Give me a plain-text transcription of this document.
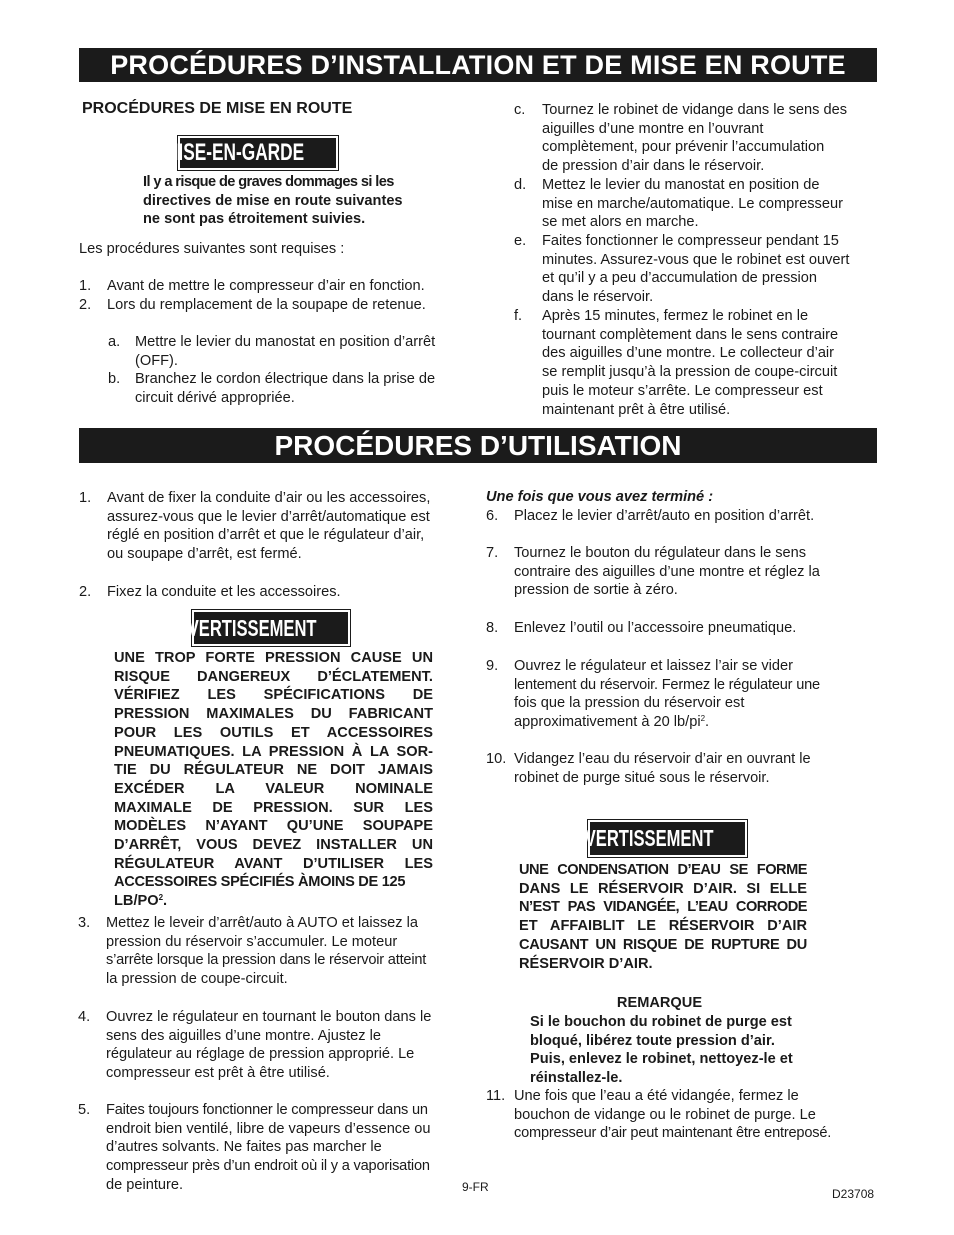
PROCÉDURES D’INSTALLATION ET DE MISE EN ROUTE
PROCÉDURES DE MISE EN ROUTE
MISE-EN-GARDE
Il y a risque de graves dommages si les
directives de mise en route suivantes
ne sont pas étroitement suivies.
Les procédures suivantes sont requises :
1. Avant de mettre le compresseur d’air en fonction.
2. Lors du remplacement de la soupape de retenue.
a. Mettre le levier du manostat en position d’arrêt
(OFF).
b. Branchez le cordon électrique dans la prise de
circuit dérivé appropriée.
c. Tournez le robinet de vidange dans le sens des
aiguilles d’une montre en l’ouvrant
complètement, pour prévenir l’accumulation
de pression d’air dans le réservoir.
d. Mettez le levier du manostat en position de
mise en marche/automatique. Le compresseur
se met alors en marche.
e. Faites fonctionner le compresseur pendant 15
minutes. Assurez-vous que le robinet est ouvert
et qu’il y a peu d’accumulation de pression
dans le réservoir.
f. Après 15 minutes, fermez le robinet en le
tournant complètement dans le sens contraire
des aiguilles d’une montre. Le collecteur d’air
se remplit jusqu’à la pression de coupe-circuit
puis le moteur s’arrête. Le compresseur est
maintenant prêt à être utilisé.
PROCÉDURES D’UTILISATION
1. Avant de fixer la conduite d’air ou les accessoires,
assurez-vous que le levier d’arrêt/automatique est
réglé en position d’arrêt et que le régulateur d’air,
ou soupape d’arrêt, est fermé.
2. Fixez la conduite et les accessoires.
AVERTISSEMENT
UNE TROP FORTE PRESSION CAUSE UN
RISQUE DANGEREUX D’ÉCLATEMENT.
VÉRIFIEZ LES SPÉCIFICATIONS DE
PRESSION MAXIMALES DU FABRICANT
POUR LES OUTILS ET ACCESSOIRES
PNEUMATIQUES. LA PRESSION À LA SOR-
TIE DU RÉGULATEUR NE DOIT JAMAIS
EXCÉDER LA VALEUR NOMINALE
MAXIMALE DE PRESSION. SUR LES
MODÈLES N’AYANT QU’UNE SOUPAPE
D’ARRÊT, VOUS DEVEZ INSTALLER UN
RÉGULATEUR AVANT D’UTILISER LES
ACCESSOIRES SPÉCIFIÉS ÀMOINS DE 125
$LB/PO^2$.
3. Mettez le leveir d’arrêt/auto à AUTO et laissez la
pression du réservoir s’accumuler. Le moteur
s’arrête lorsque la pression dans le réservoir atteint
la pression de coupe-circuit.
4. Ouvrez le régulateur en tournant le bouton dans le
sens des aiguilles d’une montre. Ajustez le
régulateur au réglage de pression approprié. Le
compresseur est prêt à être utilisé.
5. Faites toujours fonctionner le compresseur dans un
endroit bien ventilé, libre de vapeurs d’essence ou
d’autres solvants. Ne faites pas marcher le
compresseur près d’un endroit où il y a vaporisation
de peinture.
Une fois que vous avez terminé :
6. Placez le levier d’arrêt/auto en position d’arrêt.
7. Tournez le bouton du régulateur dans le sens
contraire des aiguilles d’une montre et réglez la
pression de sortie à zéro.
8. Enlevez l’outil ou l’accessoire pneumatique.
9. Ouvrez le régulateur et laissez l’air se vider
lentement du réservoir. Fermez le régulateur une
fois que la pression du réservoir est
approximativement à 20 $lb/pi^2$.
10. Vidangez l’eau du réservoir d’air en ouvrant le
robinet de purge situé sous le réservoir.
AVERTISSEMENT
UNE CONDENSATION D’EAU SE FORME
DANS LE RÉSERVOIR D’AIR. SI ELLE
N’EST PAS VIDANGÉE, L’EAU CORRODE
ET AFFAIBLIT LE RÉSERVOIR D’AIR
CAUSANT UN RISQUE DE RUPTURE DU
RÉSERVOIR D’AIR.
REMARQUE
Si le bouchon du robinet de purge est
bloqué, libérez toute pression d’air.
Puis, enlevez le robinet, nettoyez-le et
réinstallez-le.
11. Une fois que l’eau a été vidangée, fermez le
bouchon de vidange ou le robinet de purge. Le
compresseur d’air peut maintenant être entreposé.
9-FR	D23708
